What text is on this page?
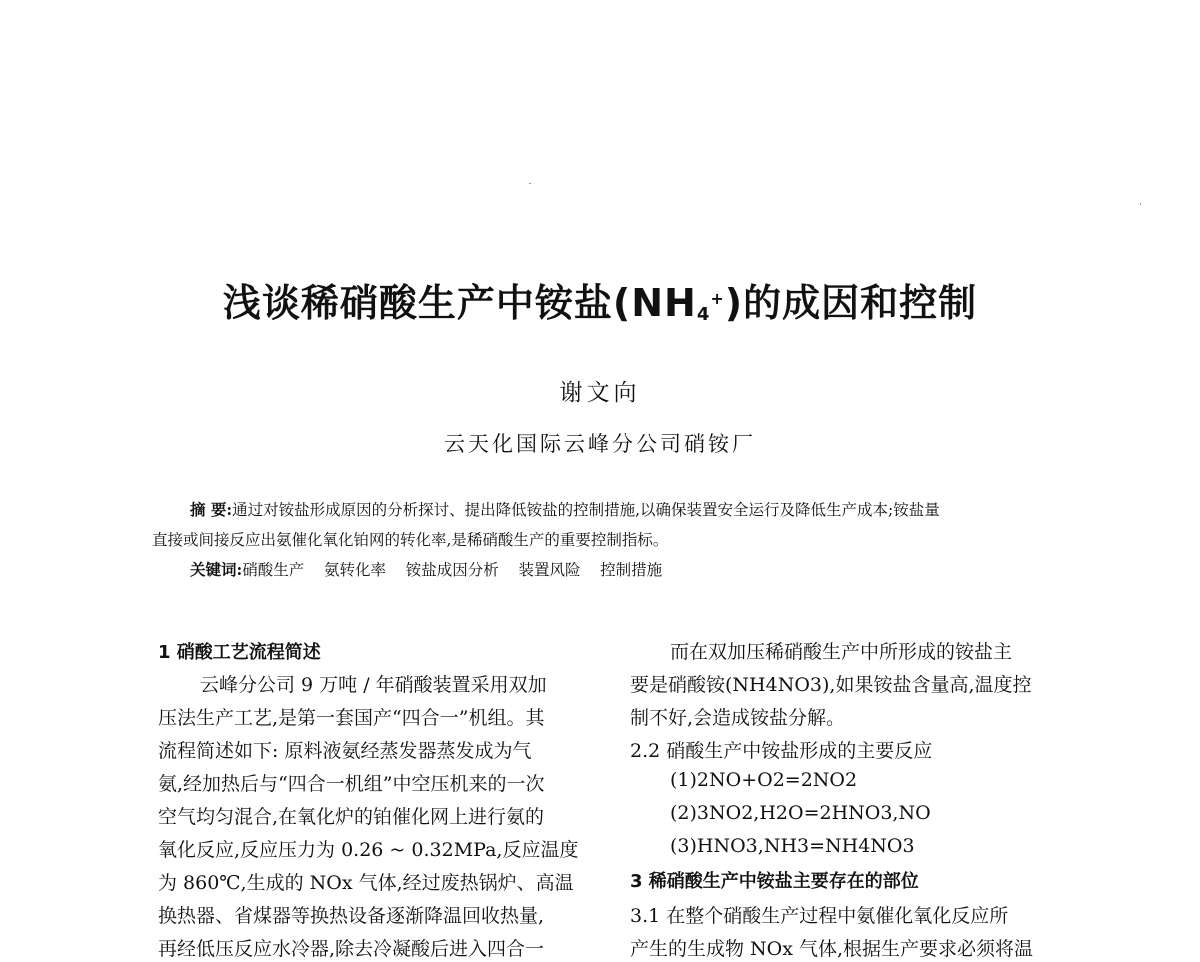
浅谈稀硝酸生产中铵盐$(NH_4^+)$的成因和控制
谢文向
云天化国际云峰分公司硝铵厂
摘 要:通过对铵盐形成原因的分析探讨、提出降低铵盐的控制措施,以确保装置安全运行及降低生产成本;铵盐量
直接或间接反应出氨催化氧化铂网的转化率,是稀硝酸生产的重要控制指标。
关键词:硝酸生产 氨转化率 铵盐成因分析 装置风险 控制措施
1 硝酸工艺流程简述
云峰分公司 9 万吨 / 年硝酸装置采用双加
压法生产工艺,是第一套国产“四合一”机组。其
流程简述如下: 原料液氨经蒸发器蒸发成为气
氨,经加热后与“四合一机组”中空压机来的一次
空气均匀混合,在氧化炉的铂催化网上进行氨的
氧化反应,反应压力为 0.26 ~ 0.32MPa,反应温度
为 860℃,生成的 NOx 气体,经过废热锅炉、高温
换热器、省煤器等换热设备逐渐降温回收热量,
再经低压反应水冷器,除去冷凝酸后进入四合一
而在双加压稀硝酸生产中所形成的铵盐主
要是硝酸铵(NH4NO3),如果铵盐含量高,温度控
制不好,会造成铵盐分解。
2.2 硝酸生产中铵盐形成的主要反应
(1)2NO+O2=2NO2
(2)3NO2,H2O=2HNO3,NO
(3)HNO3,NH3=NH4NO3
3 稀硝酸生产中铵盐主要存在的部位
3.1 在整个硝酸生产过程中氨催化氧化反应所
产生的生成物 NOx 气体,根据生产要求必须将温
